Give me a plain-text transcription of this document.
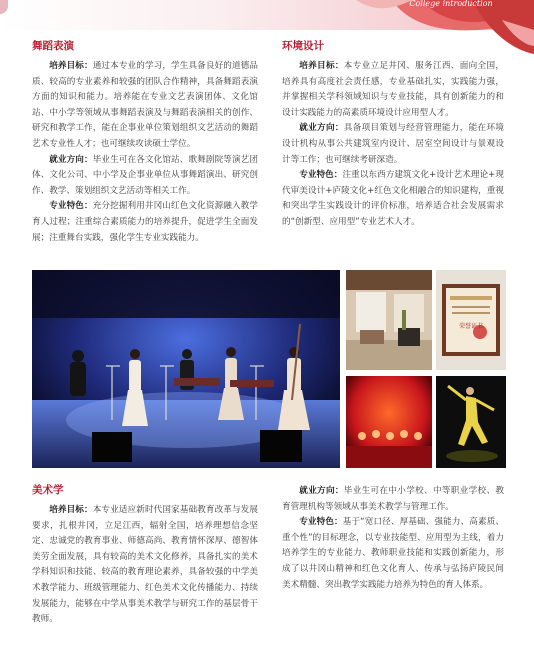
College introduction
舞蹈表演

培养目标：通过本专业的学习，学生具备良好的道德品质、较高的专业素养和较强的团队合作精神，具备舞蹈表演方面的知识和能力。培养能在专业文艺表演团体、文化馆站、中小学等领域从事舞蹈表演及与舞蹈表演相关的创作、研究和教学工作，能在企事业单位策划组织文艺活动的舞蹈艺术专业性人才；也可继续攻读硕士学位。

就业方向：毕业生可在各文化馆站、歌舞剧院等演艺团体、文化公司、中小学及企事业单位从事舞蹈演出、研究创作、教学、策划组织文艺活动等相关工作。

专业特色：充分挖掘利用井冈山红色文化资源融入教学育人过程；注重综合素质能力的培养提升，促进学生全面发展；注重舞台实践，强化学生专业实践能力。

环境设计

培养目标：本专业立足井冈、服务江西、面向全国，培养具有高度社会责任感，专业基础扎实，实践能力强，并掌握相关学科领域知识与专业技能，具有创新能力的和设计实践能力的高素质环境设计应用型人才。

就业方向：具备项目策划与经营管理能力，能在环境设计机构从事公共建筑室内设计、居室空间设计与景观设计等工作；也可继续考研深造。

专业特色：注重以东西方建筑文化+设计艺术理论+现代审美设计+庐陵文化+红色文化相融合的知识建构，重视和突出学生实践设计的评价标准，培养适合社会发展需求的“创新型、应用型”专业艺术人才。

荣誉证书
美术学

培养目标：本专业适应新时代国家基础教育改革与发展要求，扎根井冈，立足江西，辐射全国，培养理想信念坚定、忠诚党的教育事业、师德高尚、教育情怀深厚、德智体美劳全面发展，具有较高的美术文化修养，具备扎实的美术学科知识和技能、较高的教育理论素养，具备较强的中学美术教学能力、班级管理能力、红色美术文化传播能力、持续发展能力，能够在中学从事美术教学与研究工作的基层骨干教师。

就业方向：毕业生可在中小学校、中等职业学校、教育管理机构等领域从事美术教学与管理工作。

专业特色：基于“宽口径、厚基础、强能力、高素质、重个性”的目标理念，以专业技能型、应用型为主线，着力培养学生的专业能力、教师职业技能和实践创新能力，形成了以井冈山精神和红色文化育人、传承与弘扬庐陵民间美术精髓、突出教学实践能力培养为特色的育人体系。
